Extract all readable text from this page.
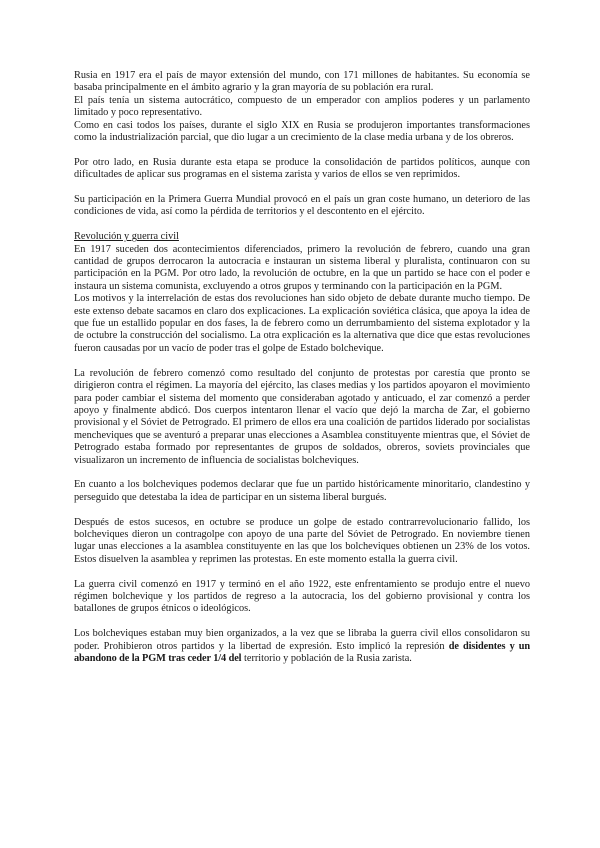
Rusia en 1917 era el país de mayor extensión del mundo, con 171 millones de habitantes. Su economía se basaba principalmente en el ámbito agrario y la gran mayoría de su población era rural.

El país tenía un sistema autocrático, compuesto de un emperador con amplios poderes y un parlamento limitado y poco representativo.

Como en casi todos los países, durante el siglo XIX en Rusia se produjeron importantes transformaciones como la industrialización parcial, que dio lugar a un crecimiento de la clase media urbana y de los obreros.

Por otro lado, en Rusia durante esta etapa se produce la consolidación de partidos políticos, aunque con dificultades de aplicar sus programas en el sistema zarista y varios de ellos se ven reprimidos.

Su participación en la Primera Guerra Mundial provocó en el país un gran coste humano, un deterioro de las condiciones de vida, así como la pérdida de territorios y el descontento en el ejército.

Revolución y guerra civil

En 1917 suceden dos acontecimientos diferenciados, primero la revolución de febrero, cuando una gran cantidad de grupos derrocaron la autocracia e instauran un sistema liberal y pluralista, continuaron con su participación en la PGM. Por otro lado, la revolución de octubre, en la que un partido se hace con el poder e instaura un sistema comunista, excluyendo a otros grupos y terminando con la participación en la PGM.

Los motivos y la interrelación de estas dos revoluciones han sido objeto de debate durante mucho tiempo. De este extenso debate sacamos en claro dos explicaciones. La explicación soviética clásica, que apoya la idea de que fue un estallido popular en dos fases, la de febrero como un derrumbamiento del sistema explotador y la de octubre la construcción del socialismo. La otra explicación es la alternativa que dice que estas revoluciones fueron causadas por un vacío de poder tras el golpe de Estado bolchevique.

La revolución de febrero comenzó como resultado del conjunto de protestas por carestía que pronto se dirigieron contra el régimen. La mayoría del ejército, las clases medias y los partidos apoyaron el movimiento para poder cambiar el sistema del momento que consideraban agotado y anticuado, el zar comenzó a perder apoyo y finalmente abdicó. Dos cuerpos intentaron llenar el vacío que dejó la marcha de Zar, el gobierno provisional y el Sóviet de Petrogrado. El primero de ellos era una coalición de partidos liderado por socialistas mencheviques que se aventuró a preparar unas elecciones a Asamblea constituyente mientras que, el Sóviet de Petrogrado estaba formado por representantes de grupos de soldados, obreros, soviets provinciales que visualizaron un incremento de influencia de socialistas bolcheviques.

En cuanto a los bolcheviques podemos declarar que fue un partido históricamente minoritario, clandestino y perseguido que detestaba la idea de participar en un sistema liberal burgués.

Después de estos sucesos, en octubre se produce un golpe de estado contrarrevolucionario fallido, los bolcheviques dieron un contragolpe con apoyo de una parte del Sóviet de Petrogrado. En noviembre tienen lugar unas elecciones a la asamblea constituyente en las que los bolcheviques obtienen un 23% de los votos. Estos disuelven la asamblea y reprimen las protestas. En este momento estalla la guerra civil.

La guerra civil comenzó en 1917 y terminó en el año 1922, este enfrentamiento se produjo entre el nuevo régimen bolchevique y los partidos de regreso a la autocracia, los del gobierno provisional y contra los batallones de grupos étnicos o ideológicos.

Los bolcheviques estaban muy bien organizados, a la vez que se libraba la guerra civil ellos consolidaron su poder. Prohibieron otros partidos y la libertad de expresión. Esto implicó la represión de disidentes y un abandono de la PGM tras ceder 1/4 del territorio y población de la Rusia zarista.
